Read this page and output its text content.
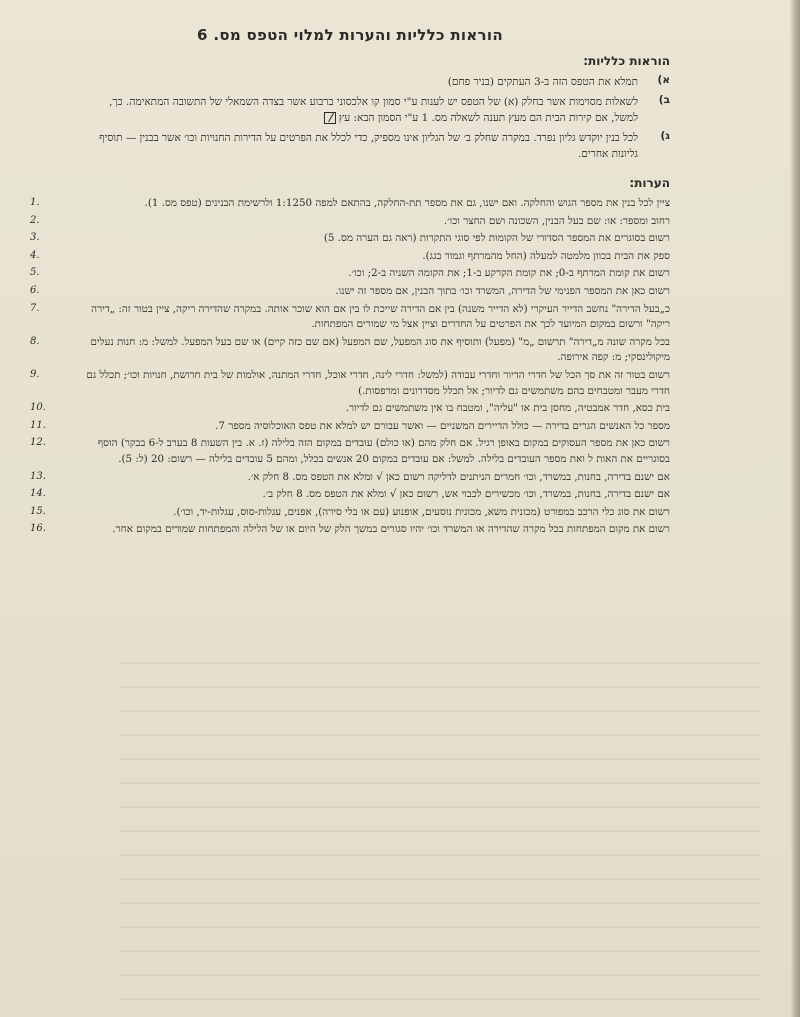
הוראות כלליות והערות למלוי הטפס מס. 6
הוראות כלליות:
א)
תמלא את הטפס הזה ב-3 העתקים (בניר פחם)
ב)
לשאלות מסוימות אשר בחלק (א) של הטפס יש לענות ע"י סמון קו אלכסוני ברבוע אשר בצדה השמאלי של התשובה המתאימה. כך, למשל, אם קירות הבית הם מעץ תענה לשאלה מס. 1 ע"י הסמון הבא: עץ
ג)
לכל בנין יוקדש גליון נפרד. במקרה שחלק ב׳ של הגליון אינו מספיק, כדי לכלל את הפרטים על הדירות החנויות וכו׳ אשר בבנין — תוסיף גליונות אחרים.
הערות:
ציין לכל בנין את מספר הגוש והחלקה. ואם ישנו, גם את מספר תת-החלקה, בהתאם למפה 1:1250 ולרשימת הבנינים (טפס מס. 1).
1.
רחוב ומספר: או: שם בעל הבנין, השכונה ושם החצר וכו׳.
2.
רשום בסוגרים את המספר הסדורי של הקומות לפי סוגי התקרות (ראה גם הערה מס. 5)
3.
ספק את הבית בכוון מלמטה למעלה (החל מהמרתף וגמור בגג).
4.
רשום את קומת המרתף ב-0; את קומת הקרקע ב-1; את הקומה השניה ב-2; וכו׳.
5.
רשום כאן את המספר הפנימי של הדירה, המשרד וכו׳ בתוך הבנין, אם מספר זה ישנו.
6.
כ„בעל הדירה" נחשב הדייר העיקרי (לא הדייר משנה) בין אם הדירה שייכת לו בין אם הוא שוכר אותה. במקרה שהדירה ריקה, ציין בטור זה: „דירה ריקה" ורשום במקום המיועד לכך את הפרטים על החדרים וציין אצל מי שמורים המפתחות.
7.
בכל מקרה שונה מ„דירה" תרשום „מ" (מפעל) ותוסיף את סוג המפעל, שם המפעל (אם שם כזה קיים) או שם בעל המפעל. למשל: מ: חנות נעלים מיקולינסקי; מ: קפה אירופה.
8.
רשום בטור זה את סך הכל של חדרי הדיור וחדרי עבודה (למשל: חדרי לינה, חדרי אוכל, חדרי המתנה, אולמות של בית חרושת, חנויות וכו׳; תכלל גם חדרי מעבר ומטבחים בהם משתמשים גם לדיור; אל תכלל מסדרונים ומרפסות.)
9.
בית כסא, חדר אמבטיה, מחסן בית או "עליה", ומטבח בו אין משתמשים גם לדיור.
10.
מספר כל האנשים הגרים בדירה — כולל הדיירים המשניים — ואשר עבורם יש למלא את טפס האוכלוסיה מספר 7.
11.
רשום כאן את מספר העסוקים במקום באופן רגיל. אם חלק מהם (או כולם) עובדים במקום הזה בלילה (ז. א. בין השעות 8 בערב ל-6 בבקר) הוסף בסוגריים את האות ל ואת מספר העובדים בלילה. למשל: אם עובדים במקום 20 אנשים בכלל, ומהם 5 עובדים בלילה — רשום: 20 (ל: 5).
12.
אם ישנם בדירה, בחנות, במשרד, וכו׳ חמרים הניתנים לדליקה רשום כאן √ ומלא את הטפס מס. 8 חלק א׳.
13.
אם ישנם בדירה, בחנות, במשרד, וכו׳ מכשירים לכבוי אש, רשום כאן √ ומלא את הטפס מס. 8 חלק ב׳.
14.
רשום את סוג כלי הרכב במפורט (מכונית משא, מכונית נוסעים, אופנוע (עם או בלי סירה), אפנים, עגלות-סוס, עגלות-יד, וכו׳).
15.
רשום את מקום המפתחות בכל מקרה שהדירה או המשרד וכו׳ יהיו סגורים במשך הלק של היום או של הלילה והמפתחות שמורים במקום אחר.
16.
